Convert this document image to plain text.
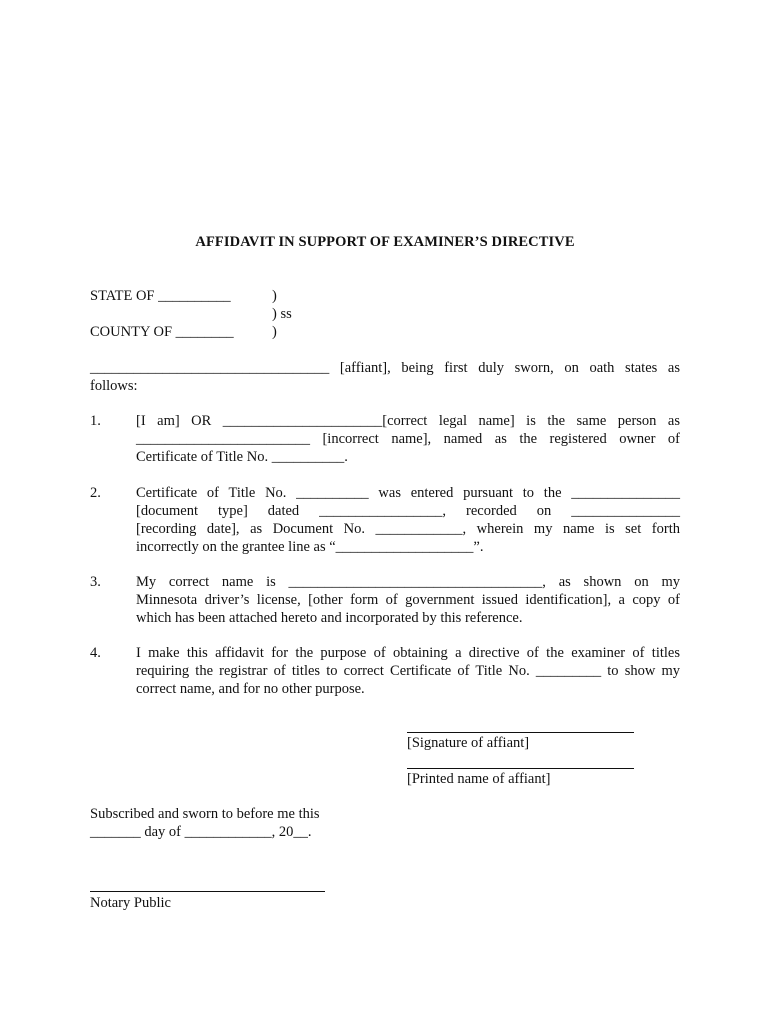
AFFIDAVIT IN SUPPORT OF EXAMINER’S DIRECTIVE
STATE OF __________	)
) ss
COUNTY OF ________	)
_________________________________ [affiant], being first duly sworn, on oath states as
follows:
1. [I am] OR ______________________[correct legal name] is the same person as
________________________ [incorrect name], named as the registered owner of
Certificate of Title No. __________.
2. Certificate of Title No. __________ was entered pursuant to the _______________
[document type] dated _________________, recorded on _______________
[recording date], as Document No. ____________, wherein my name is set forth
incorrectly on the grantee line as “___________________”.
3. My correct name is ___________________________________, as shown on my
Minnesota driver’s license, [other form of government issued identification], a copy of
which has been attached hereto and incorporated by this reference.
4. I make this affidavit for the purpose of obtaining a directive of the examiner of titles
requiring the registrar of titles to correct Certificate of Title No. _________ to show my
correct name, and for no other purpose.
[Signature of affiant]
[Printed name of affiant]
Subscribed and sworn to before me this
_______ day of ____________, 20__.
Notary Public
